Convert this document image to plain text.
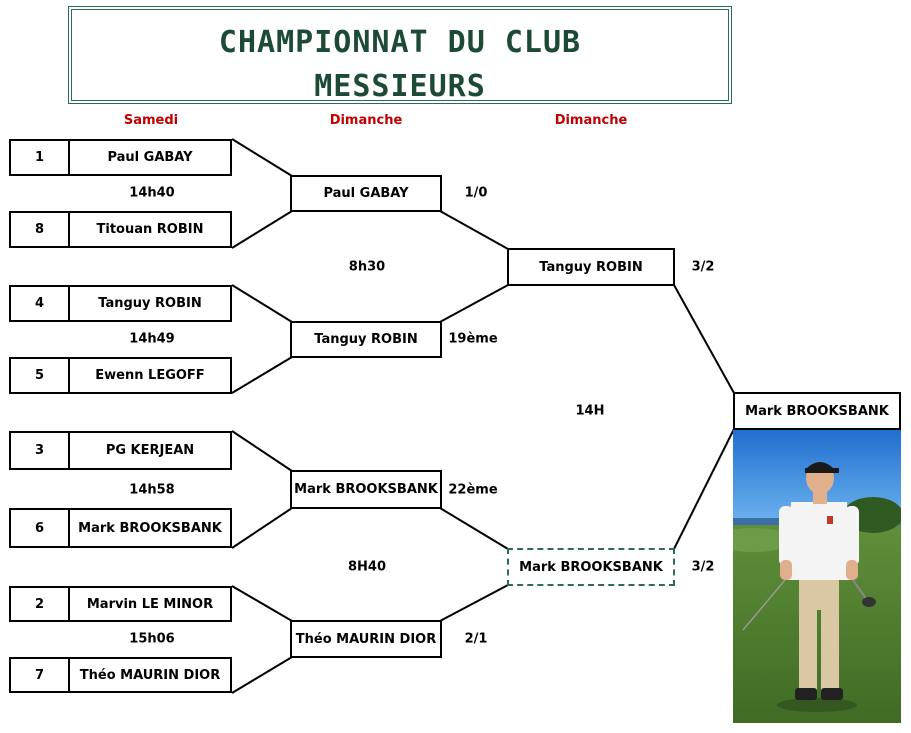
CHAMPIONNAT DU CLUB
MESSIEURS
Samedi	Dimanche	Dimanche
1	Paul GABAY
8	Titouan ROBIN
4	Tanguy ROBIN
5	Ewenn LEGOFF
3	PG KERJEAN
6	Mark BROOKSBANK
2	Marvin LE MINOR
7	Théo MAURIN DIOR
14h40
14h49
14h58
15h06
Paul GABAY
Tanguy ROBIN
Mark BROOKSBANK
Théo MAURIN DIOR
1/0
19ème
22ème
2/1
8h30
8H40
Tanguy ROBIN
Mark BROOKSBANK
3/2
3/2
14H	Mark BROOKSBANK
